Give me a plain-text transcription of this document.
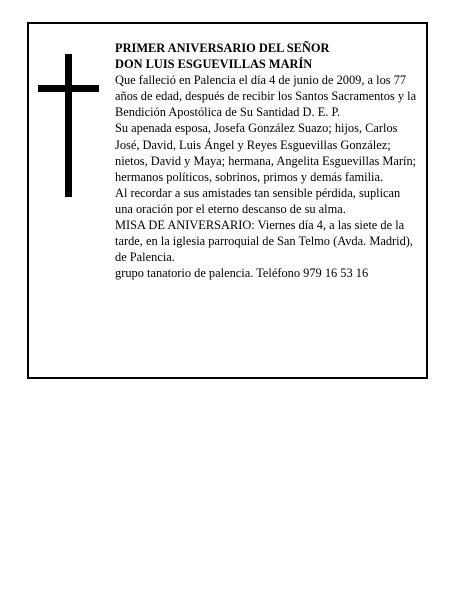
PRIMER ANIVERSARIO DEL SEÑOR

DON LUIS ESGUEVILLAS MARÍN

Que falleció en Palencia el día 4 de junio de 2009, a los 77 años de edad, después de recibir los Santos Sacramentos y la Bendición Apostólica de Su Santidad D. E. P.

Su apenada esposa, Josefa González Suazo; hijos, Carlos José, David, Luis Ángel y Reyes Esguevillas González; nietos, David y Maya; hermana, Angelita Esguevillas Marín; hermanos políticos, sobrinos, primos y demás familia.

Al recordar a sus amistades tan sensible pérdida, suplican una oración por el eterno descanso de su alma.

MISA DE ANIVERSARIO: Viernes día 4, a las siete de la tarde, en la iglesia parroquial de San Telmo (Avda. Madrid), de Palencia.

grupo tanatorio de palencia. Teléfono 979 16 53 16
